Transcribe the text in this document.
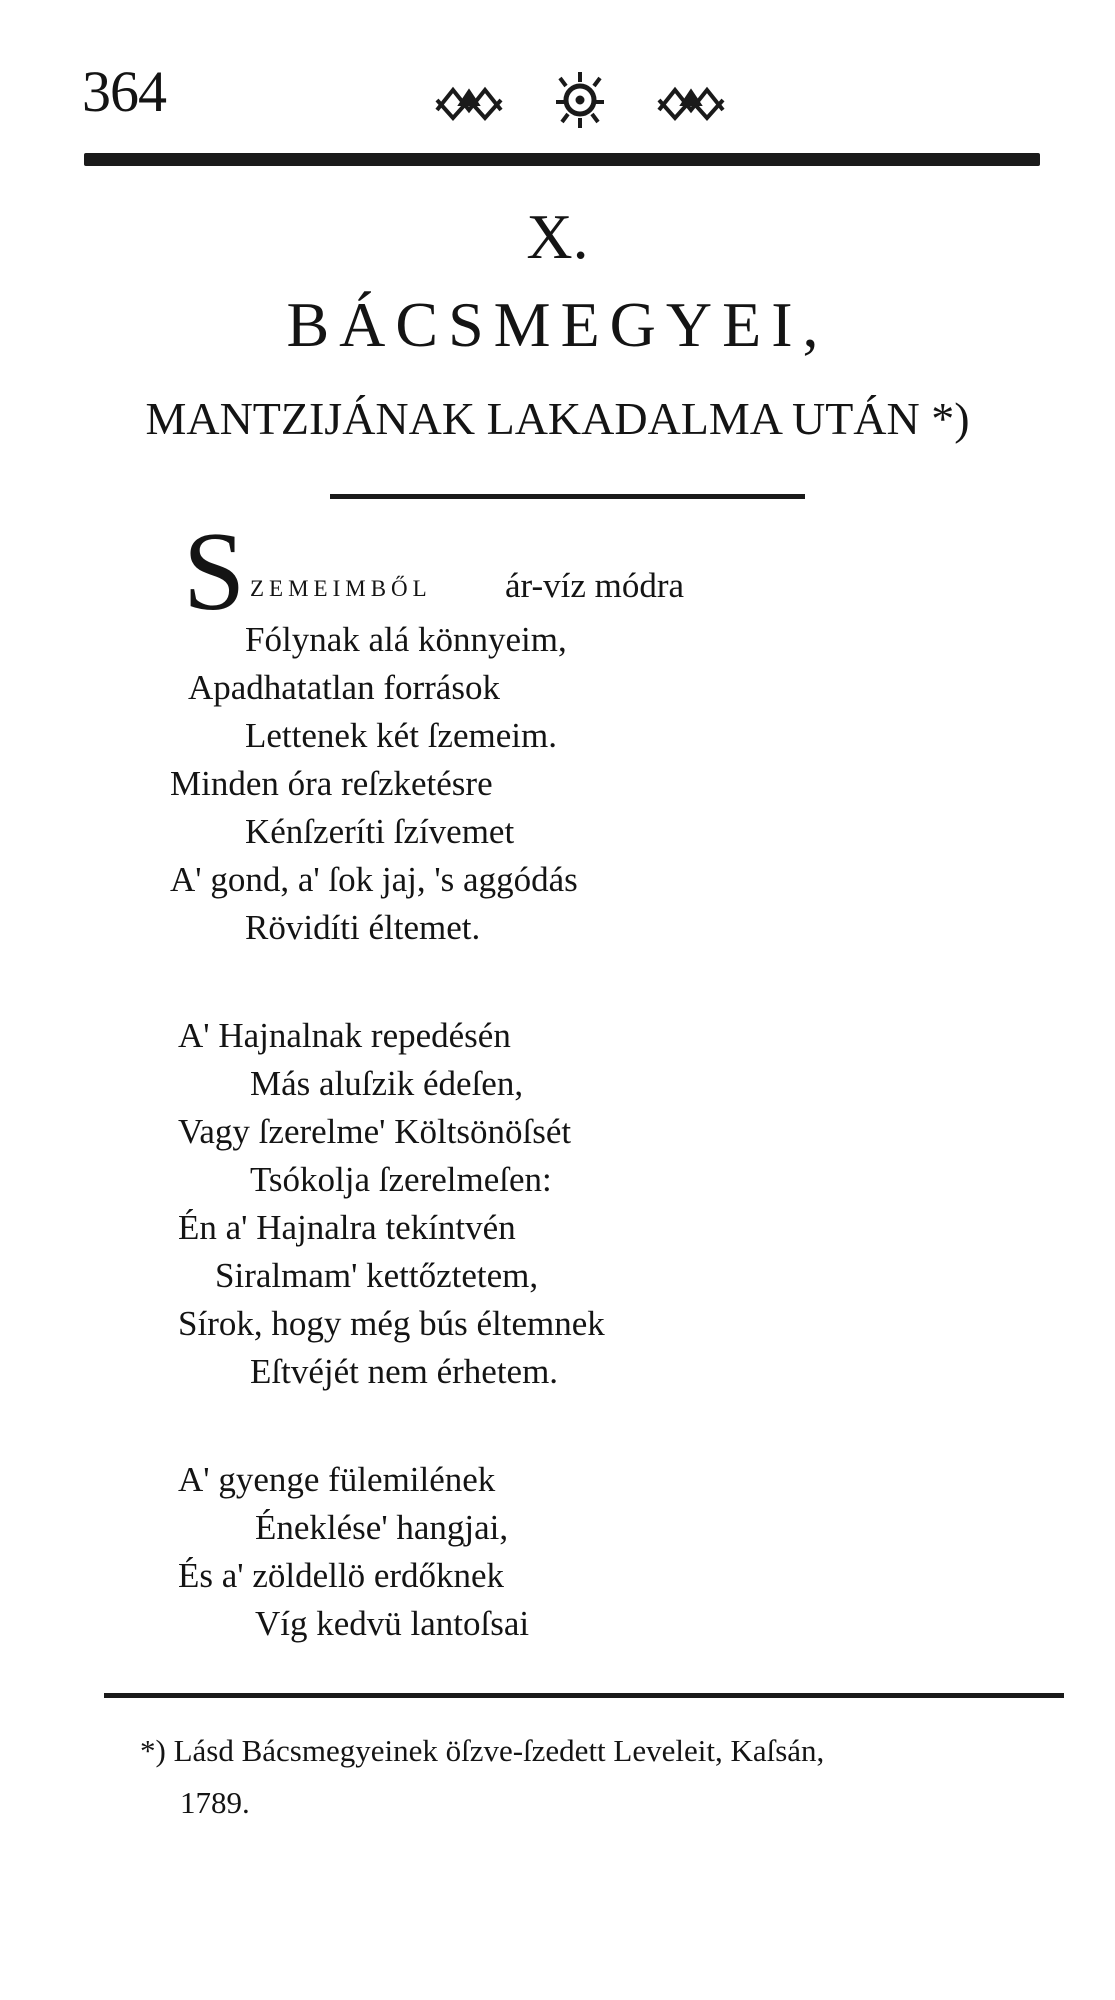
364
X.
BÁCSMEGYEI,
MANTZIJÁNAK LAKADALMA UTÁN *)
S ZEMEIMBŐL ár-víz módra
Fólynak alá könnyeim,
Apadhatatlan források
Lettenek két ſzemeim.
Minden óra reſzketésre
Kénſzeríti ſzívemet
A' gond, a' ſok jaj, 's aggódás
Rövidíti éltemet.
A' Hajnalnak repedésén
Más aluſzik édeſen,
Vagy ſzerelme' Költsönöſsét
Tsókolja ſzerelmeſen:
Én a' Hajnalra tekíntvén
Siralmam' kettőztetem,
Sírok, hogy még bús éltemnek
Eſtvéjét nem érhetem.
A' gyenge fülemilének
Éneklése' hangjai,
És a' zöldellö erdőknek
Víg kedvü lantoſsai
*) Lásd Bácsmegyeinek öſzve-ſzedett Leveleit, Kaſsán,
1789.
